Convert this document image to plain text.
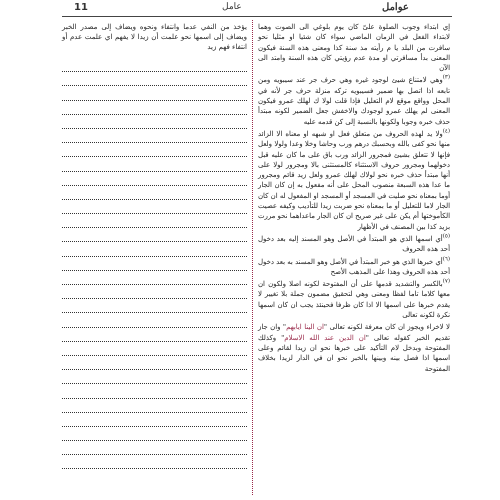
11	عامل	عوامل

يؤخذ من النفي عدما وانتفاء ونحوه ويضاف إلى مصدر الخبر ويضاف إلى اسمها نحو علمت أن زيدا لا يفهم اي علمت عدم أو انتفاء فهم زيد

إي ابتداء وجوب الصلوة علىّ كان يوم بلوغي الى الصوت وهما لابتداء الفعل في الزمان الماضي سواء كان شئيا او مثليا نحو سافرت من البلد يا م رأيته مذ سنة كذا ومعنى هذه السنة فيكون المعنى بدأ مسافرتي او مدة عدم رؤيتي كان هذه السنة وامتد الى الآن

$^{(٣)}$وهي لامتناع شيئ لوجود غيره وهي حرف جر عند سيبويه ومن تابعه اذا اتصل بها ضمير فسيبويه تركه منزلة حرف جر لأنه في المحل وواقع موقع لام التعليل فإذا قلت لولا ك لهلك عمرو فيكون المعنى لم يهلك عمرو لوجودك والاخفش جعل الضمير لكونه مبتدأ حذف خبره وجوبا ولكونها بالنسبة إلى كن قدمه عليه

$^{(٤)}$ولا يد لهذه الحروف من متعلق فعل او شبهه او معناه الا الزائد منها نحو كفى بالله وبحسبك درهم ورب وحاشا وخلا وعدا ولولا ولعل فإنها لا تتعلق بشيئ فمجرور الزائد ورب باق على ما كان عليه قبل دخولهما ومجرور حروف الاستثناء كالمستثنى بالا ومجرور لولا على أنها مبتدأ حذف خبره نحو لولاك لهلك عمرو ولعل زيد قائم ومجرور ما عدا هذه السبعة منصوب المحل على أنه مفعول به إن كان الجار أوما بمعناه نحو صليت في المسجد أو المسجد او المفعول له ان كان الجار لاما للتعليل أو ما بمعناه نحو ضربت زيدا للتأديب وكيفه عصيت الكأموختها أم يكن على غير صريح ان كان الجار ماعداهما نحو مررت بزيد كذا بين المصنف في الأظهار

$^{(٥)}$أي اسمها الذي هو المبتدأ في الأصل وهو المسند إليه بعد دخول أحد هذه الحروف

$^{(٦)}$أي خبرها الذي هو خبر المبتدأ في الأصل وهو المسند به بعد دخول أحد هذه الحروف وهذا على المذهب الأصح

$^{(٧)}$بالكسر والتشديد قدمها على أن المفتوحة لكونه اصلا ولكون ان معها كلاما تاما لفظا ومعنى وهي لتحقيق مضمون جملة بلا تغيير لا يقدم خبرها على اسمها الا اذا كان ظرفا فحينئذ يجب ان كان اسمها نكرة لكونه تعالى

لا لاخراء ويجوز ان كان معرفة لكونه تعالى "ان الينا ايابهم" وان جاز تقديم الخبر كقوله تعالى "ان الدين عند الله الاسلام" وكذلك المفتوحة وبدخل لام التأكيد على خبرها نحو ان زيدا لقائم وعلى اسمها اذا فصل بينه وبينها بالخبر نحو ان في الدار لزيدا بخلاف المفتوحة
